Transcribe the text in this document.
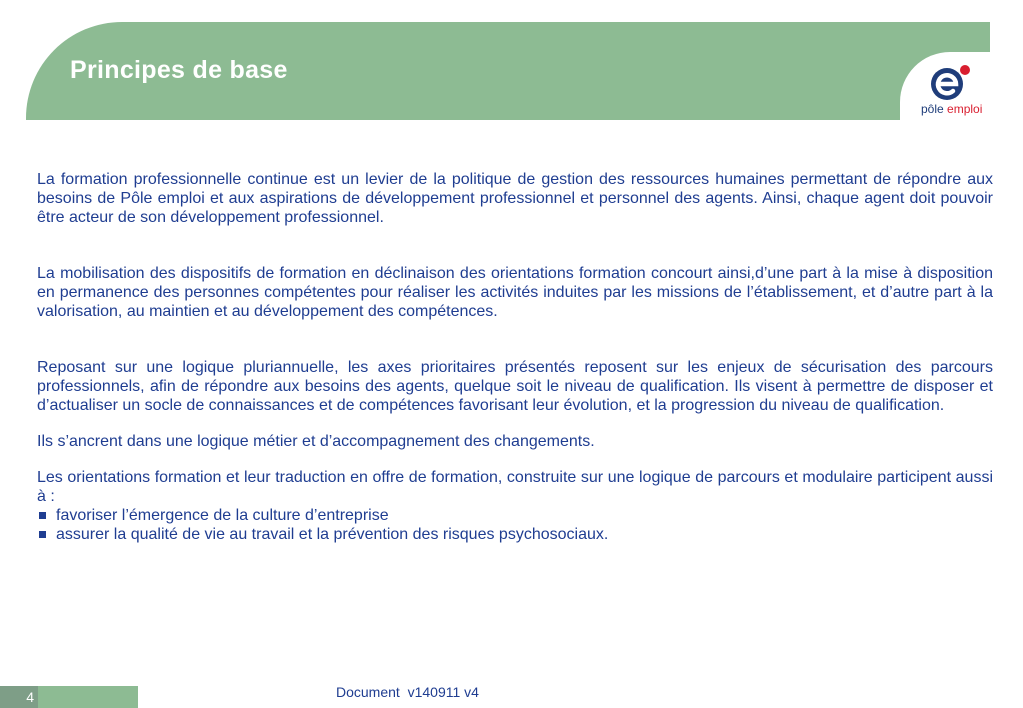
Principes de base
pôle emploi

La formation professionnelle continue est un levier de la politique de gestion des ressources humaines permettant de répondre aux besoins de Pôle emploi et aux aspirations de développement professionnel et personnel des agents. Ainsi, chaque agent doit pouvoir être acteur de son développement professionnel.

La mobilisation des dispositifs de formation en déclinaison des orientations formation concourt ainsi,d’une part à la mise à disposition en permanence des personnes compétentes pour réaliser les activités induites par les missions de l’établissement, et d’autre part à la valorisation, au maintien et au développement des compétences.

Reposant sur une logique pluriannuelle, les axes prioritaires présentés reposent sur les enjeux de sécurisation des parcours professionnels, afin de répondre aux besoins des agents, quelque soit le niveau de qualification. Ils visent à permettre de disposer et d’actualiser un socle de connaissances et de compétences favorisant leur évolution, et la progression du niveau de qualification.

Ils s’ancrent dans une logique métier et d’accompagnement des changements.

Les orientations formation et leur traduction en offre de formation, construite sur une logique de parcours et modulaire participent aussi à :

favoriser l’émergence de la culture d’entreprise
assurer la qualité de vie au travail et la prévention des risques psychosociaux.
4	Document  v140911 v4
